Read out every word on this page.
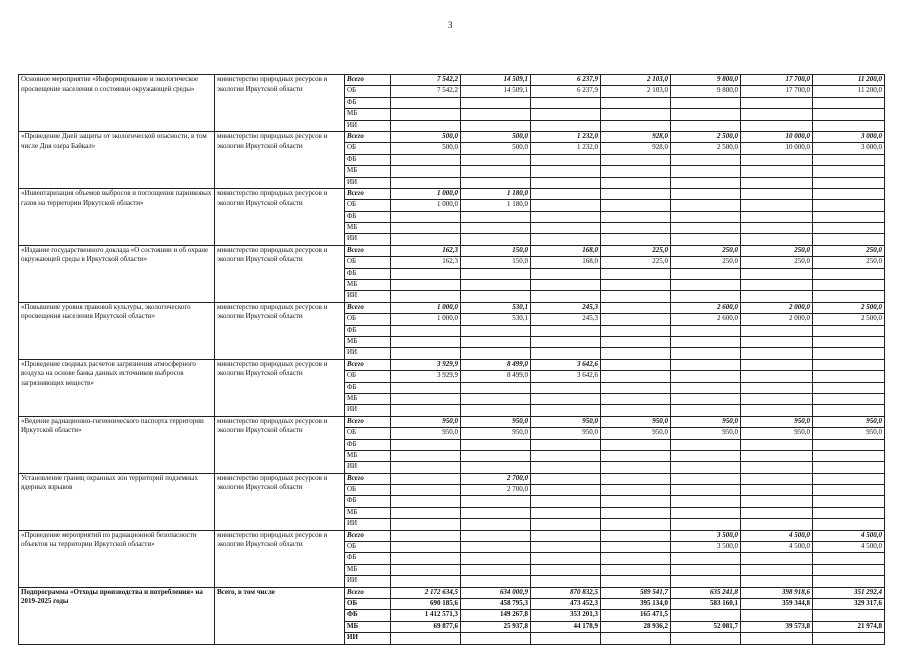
3
Основное мероприятие «Информирование и экологическое просвещение населения о состоянии окружающей среды»	министерство природных ресурсов и экологии Иркутской области	Всего	7 542,2	14 509,1	6 237,9	2 103,0	9 800,0	17 700,0	11 200,0
		ОБ	7 542,2	14 509,1	6 237,9	2 103,0	9 800,0	17 700,0	11 200,0
		ФБ							
		МБ							
		ИИ							
«Проведение Дней защиты от экологической опасности, в том числе Дня озера Байкал»	министерство природных ресурсов и экологии Иркутской области	Всего	500,0	500,0	1 232,0	928,0	2 500,0	10 000,0	3 000,0
		ОБ	500,0	500,0	1 232,0	928,0	2 500,0	10 000,0	3 000,0
		ФБ							
		МБ							
		ИИ							
«Инвентаризация объемов выбросов и поглощения парниковых газов на территории Иркутской области»	министерство природных ресурсов и экологии Иркутской области	Всего	1 000,0	1 180,0					
		ОБ	1 000,0	1 180,0					
		ФБ							
		МБ							
		ИИ							
«Издание государственного доклада «О состоянии и об охране окружающей среды в Иркутской области»	министерство природных ресурсов и экологии Иркутской области	Всего	162,3	150,0	168,0	225,0	250,0	250,0	250,0
		ОБ	162,3	150,0	168,0	225,0	250,0	250,0	250,0
		ФБ							
		МБ							
		ИИ							
«Повышение уровня правовой культуры, экологического просвещения населения Иркутской области»	министерство природных ресурсов и экологии Иркутской области	Всего	1 000,0	530,1	245,3		2 600,0	2 000,0	2 500,0
		ОБ	1 000,0	530,1	245,3		2 600,0	2 000,0	2 500,0
		ФБ							
		МБ							
		ИИ							
«Проведение сводных расчетов загрязнения атмосферного воздуха на основе банка данных источников выбросов загрязняющих веществ»	министерство природных ресурсов и экологии Иркутской области	Всего	3 929,9	8 499,0	3 642,6				
		ОБ	3 929,9	8 499,0	3 642,6				
		ФБ							
		МБ							
		ИИ							
«Ведение радиационно-гигиенического паспорта территории Иркутской области»	министерство природных ресурсов и экологии Иркутской области	Всего	950,0	950,0	950,0	950,0	950,0	950,0	950,0
		ОБ	950,0	950,0	950,0	950,0	950,0	950,0	950,0
		ФБ							
		МБ							
		ИИ							
Установление границ охранных зон территорий подземных ядерных взрывов	министерство природных ресурсов и экологии Иркутской области	Всего		2 700,0					
		ОБ		2 700,0					
		ФБ							
		МБ							
		ИИ							
«Проведение мероприятий по радиационной безопасности объектов на территории Иркутской области»	министерство природных ресурсов и экологии Иркутской области	Всего					3 500,0	4 500,0	4 500,0
		ОБ					3 500,0	4 500,0	4 500,0
		ФБ							
		МБ							
		ИИ							
Подпрограмма «Отходы производства и потребления» на 2019-2025 годы	Всего, в том числе	Всего	2 172 634,5	634 000,9	870 832,5	589 541,7	635 241,8	398 918,6	351 292,4
		ОБ	690 185,6	458 795,3	473 452,3	395 134,0	583 160,1	359 344,8	329 317,6
		ФБ	1 412 571,3	149 267,8	353 201,3	165 471,5			
		МБ	69 877,6	25 937,8	44 178,9	28 936,2	52 081,7	39 573,8	21 974,8
		ИИ							
